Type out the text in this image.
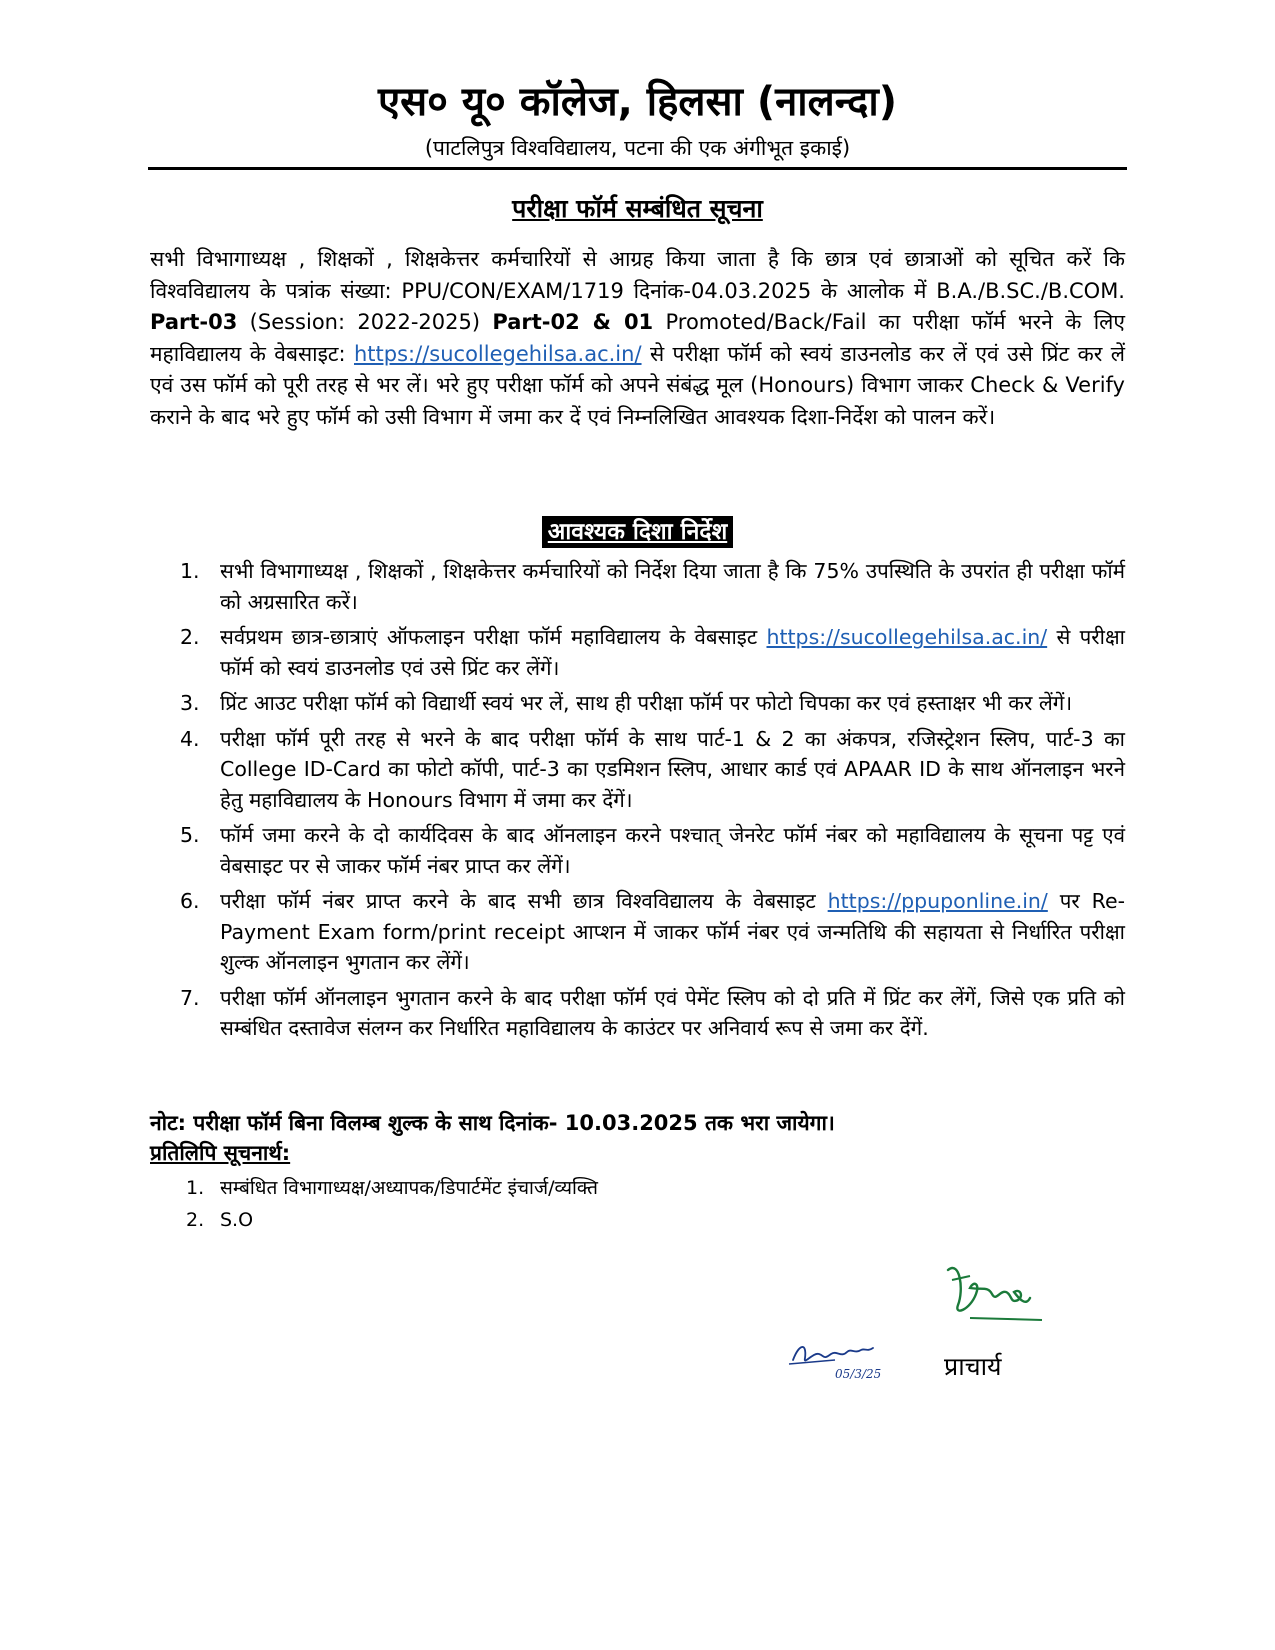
एस० यू० कॉलेज, हिलसा (नालन्दा)
(पाटलिपुत्र विश्वविद्यालय, पटना की एक अंगीभूत इकाई)
परीक्षा फॉर्म सम्बंधित सूचना

सभी विभागाध्यक्ष , शिक्षकों , शिक्षकेत्तर कर्मचारियों से आग्रह किया जाता है कि छात्र एवं छात्राओं को सूचित करें कि विश्वविद्यालय के पत्रांक संख्या: PPU/CON/EXAM/1719 दिनांक-04.03.2025 के आलोक में B.A./B.SC./B.COM. Part-03 (Session: 2022-2025) Part-02 & 01 Promoted/Back/Fail का परीक्षा फॉर्म भरने के लिए महाविद्यालय के वेबसाइट: https://sucollegehilsa.ac.in/ से परीक्षा फॉर्म को स्वयं डाउनलोड कर लें एवं उसे प्रिंट कर लें एवं उस फॉर्म को पूरी तरह से भर लें। भरे हुए परीक्षा फॉर्म को अपने संबंद्ध मूल (Honours) विभाग जाकर Check & Verify कराने के बाद भरे हुए फॉर्म को उसी विभाग में जमा कर दें एवं निम्नलिखित आवश्यक दिशा-निर्देश को पालन करें।

आवश्यक दिशा निर्देश
1. सभी विभागाध्यक्ष , शिक्षकों , शिक्षकेत्तर कर्मचारियों को निर्देश दिया जाता है कि 75% उपस्थिति के उपरांत ही परीक्षा फॉर्म को अग्रसारित करें।
2. सर्वप्रथम छात्र-छात्राएं ऑफलाइन परीक्षा फॉर्म महाविद्यालय के वेबसाइट https://sucollegehilsa.ac.in/ से परीक्षा फॉर्म को स्वयं डाउनलोड एवं उसे प्रिंट कर लेंगें।
3. प्रिंट आउट परीक्षा फॉर्म को विद्यार्थी स्वयं भर लें, साथ ही परीक्षा फॉर्म पर फोटो चिपका कर एवं हस्ताक्षर भी कर लेंगें।
4. परीक्षा फॉर्म पूरी तरह से भरने के बाद परीक्षा फॉर्म के साथ पार्ट-1 & 2 का अंकपत्र, रजिस्ट्रेशन स्लिप, पार्ट-3 का College ID-Card का फोटो कॉपी, पार्ट-3 का एडमिशन स्लिप, आधार कार्ड एवं APAAR ID के साथ ऑनलाइन भरने हेतु महाविद्यालय के Honours विभाग में जमा कर देंगें।
5. फॉर्म जमा करने के दो कार्यदिवस के बाद ऑनलाइन करने पश्चात् जेनरेट फॉर्म नंबर को महाविद्यालय के सूचना पट्ट एवं वेबसाइट पर से जाकर फॉर्म नंबर प्राप्त कर लेंगें।
6. परीक्षा फॉर्म नंबर प्राप्त करने के बाद सभी छात्र विश्वविद्यालय के वेबसाइट https://ppuponline.in/ पर Re-Payment Exam form/print receipt आप्शन में जाकर फॉर्म नंबर एवं जन्मतिथि की सहायता से निर्धारित परीक्षा शुल्क ऑनलाइन भुगतान कर लेंगें।
7. परीक्षा फॉर्म ऑनलाइन भुगतान करने के बाद परीक्षा फॉर्म एवं पेमेंट स्लिप को दो प्रति में प्रिंट कर लेंगें, जिसे एक प्रति को सम्बंधित दस्तावेज संलग्न कर निर्धारित महाविद्यालय के काउंटर पर अनिवार्य रूप से जमा कर देंगें.
नोट: परीक्षा फॉर्म बिना विलम्ब शुल्क के साथ दिनांक- 10.03.2025 तक भरा जायेगा।
प्रतिलिपि सूचनार्थ:
1. सम्बंधित विभागाध्यक्ष/अध्यापक/डिपार्टमेंट इंचार्ज/व्यक्ति
2. S.O
05/3/25	प्राचार्य
